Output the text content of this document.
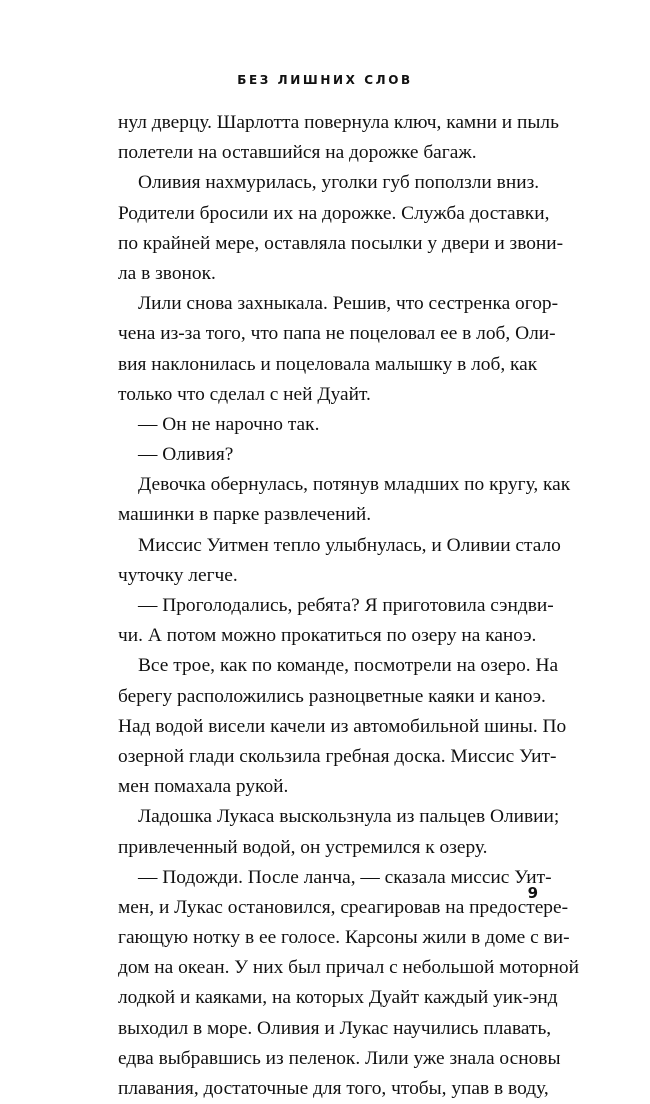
БЕЗ ЛИШНИХ СЛОВ
нул дверцу. Шарлотта повернула ключ, камни и пыль
полетели на оставшийся на дорожке багаж.
Оливия нахмурилась, уголки губ поползли вниз.
Родители бросили их на дорожке. Служба доставки,
по крайней мере, оставляла посылки у двери и звони-
ла в звонок.
Лили снова захныкала. Решив, что сестренка огор-
чена из-за того, что папа не поцеловал ее в лоб, Оли-
вия наклонилась и поцеловала малышку в лоб, как
только что сделал с ней Дуайт.
— Он не нарочно так.
— Оливия?
Девочка обернулась, потянув младших по кругу, как
машинки в парке развлечений.
Миссис Уитмен тепло улыбнулась, и Оливии стало
чуточку легче.
— Проголодались, ребята? Я приготовила сэндви-
чи. А потом можно прокатиться по озеру на каноэ.
Все трое, как по команде, посмотрели на озеро. На
берегу расположились разноцветные каяки и каноэ.
Над водой висели качели из автомобильной шины. По
озерной глади скользила гребная доска. Миссис Уит-
мен помахала рукой.
Ладошка Лукаса выскользнула из пальцев Оливии;
привлеченный водой, он устремился к озеру.
— Подожди. После ланча, — сказала миссис Уит-
мен, и Лукас остановился, среагировав на предостере-
гающую нотку в ее голосе. Карсоны жили в доме с ви-
дом на океан. У них был причал с небольшой моторной
лодкой и каяками, на которых Дуайт каждый уик-энд
выходил в море. Оливия и Лукас научились плавать,
едва выбравшись из пеленок. Лили уже знала основы
плавания, достаточные для того, чтобы, упав в воду,
9
